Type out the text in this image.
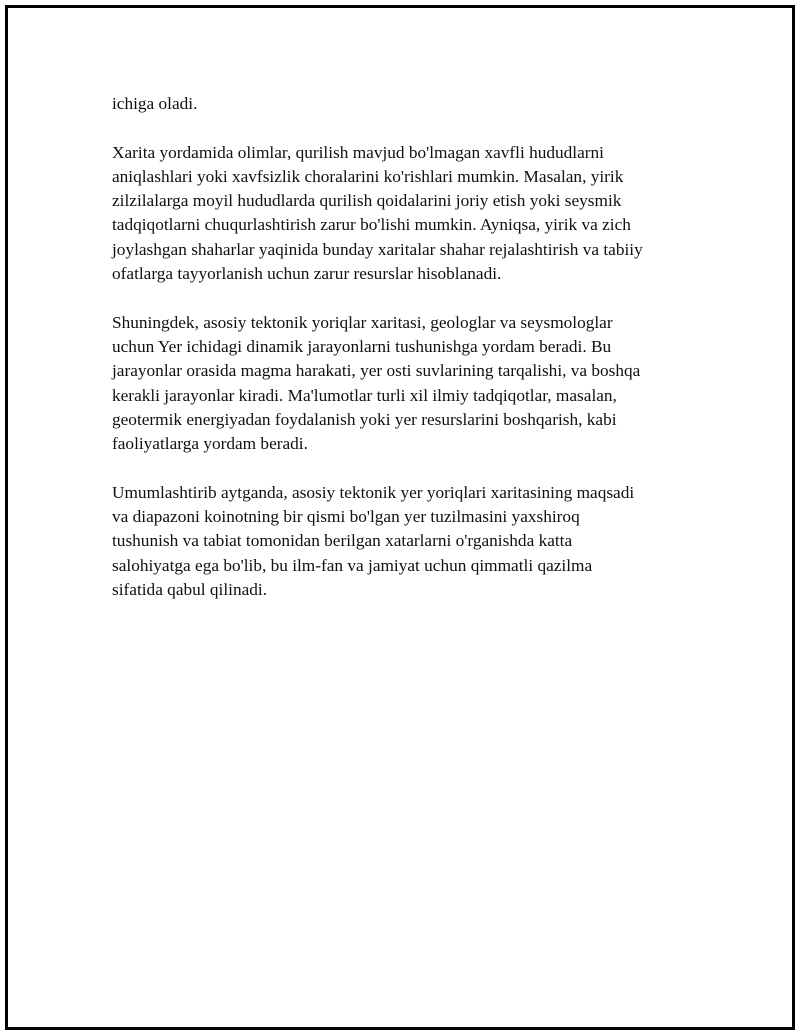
ichiga oladi.

Xarita yordamida olimlar, qurilish mavjud bo'lmagan xavfli hududlarni
aniqlashlari yoki xavfsizlik choralarini ko'rishlari mumkin. Masalan, yirik
zilzilalarga moyil hududlarda qurilish qoidalarini joriy etish yoki seysmik
tadqiqotlarni chuqurlashtirish zarur bo'lishi mumkin. Ayniqsa, yirik va zich
joylashgan shaharlar yaqinida bunday xaritalar shahar rejalashtirish va tabiiy
ofatlarga tayyorlanish uchun zarur resurslar hisoblanadi.

Shuningdek, asosiy tektonik yoriqlar xaritasi, geologlar va seysmologlar
uchun Yer ichidagi dinamik jarayonlarni tushunishga yordam beradi. Bu
jarayonlar orasida magma harakati, yer osti suvlarining tarqalishi, va boshqa
kerakli jarayonlar kiradi. Ma'lumotlar turli xil ilmiy tadqiqotlar, masalan,
geotermik energiyadan foydalanish yoki yer resurslarini boshqarish, kabi
faoliyatlarga yordam beradi.

Umumlashtirib aytganda, asosiy tektonik yer yoriqlari xaritasining maqsadi
va diapazoni koinotning bir qismi bo'lgan yer tuzilmasini yaxshiroq
tushunish va tabiat tomonidan berilgan xatarlarni o'rganishda katta
salohiyatga ega bo'lib, bu ilm-fan va jamiyat uchun qimmatli qazilma
sifatida qabul qilinadi.
